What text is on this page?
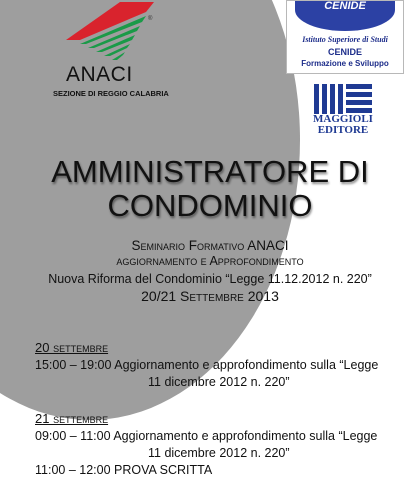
®
ANACI
SEZIONE DI REGGIO CALABRIA
CENIDE
Istituto Superiore di Studi
CENIDE
Formazione e Sviluppo
MAGGIOLI
EDITORE
AMMINISTRATORE DI
CONDOMINIO
Seminario Formativo ANACI
aggiornamento e Approfondimento
Nuova Riforma del Condominio “Legge 11.12.2012 n. 220”
20/21 Settembre 2013
20 settembre
15:00 – 19:00 Aggiornamento e approfondimento sulla “Legge
11 dicembre 2012 n. 220”
21 settembre
09:00 – 11:00 Aggiornamento e approfondimento sulla “Legge
11 dicembre 2012 n. 220”
11:00 – 12:00 PROVA SCRITTA
